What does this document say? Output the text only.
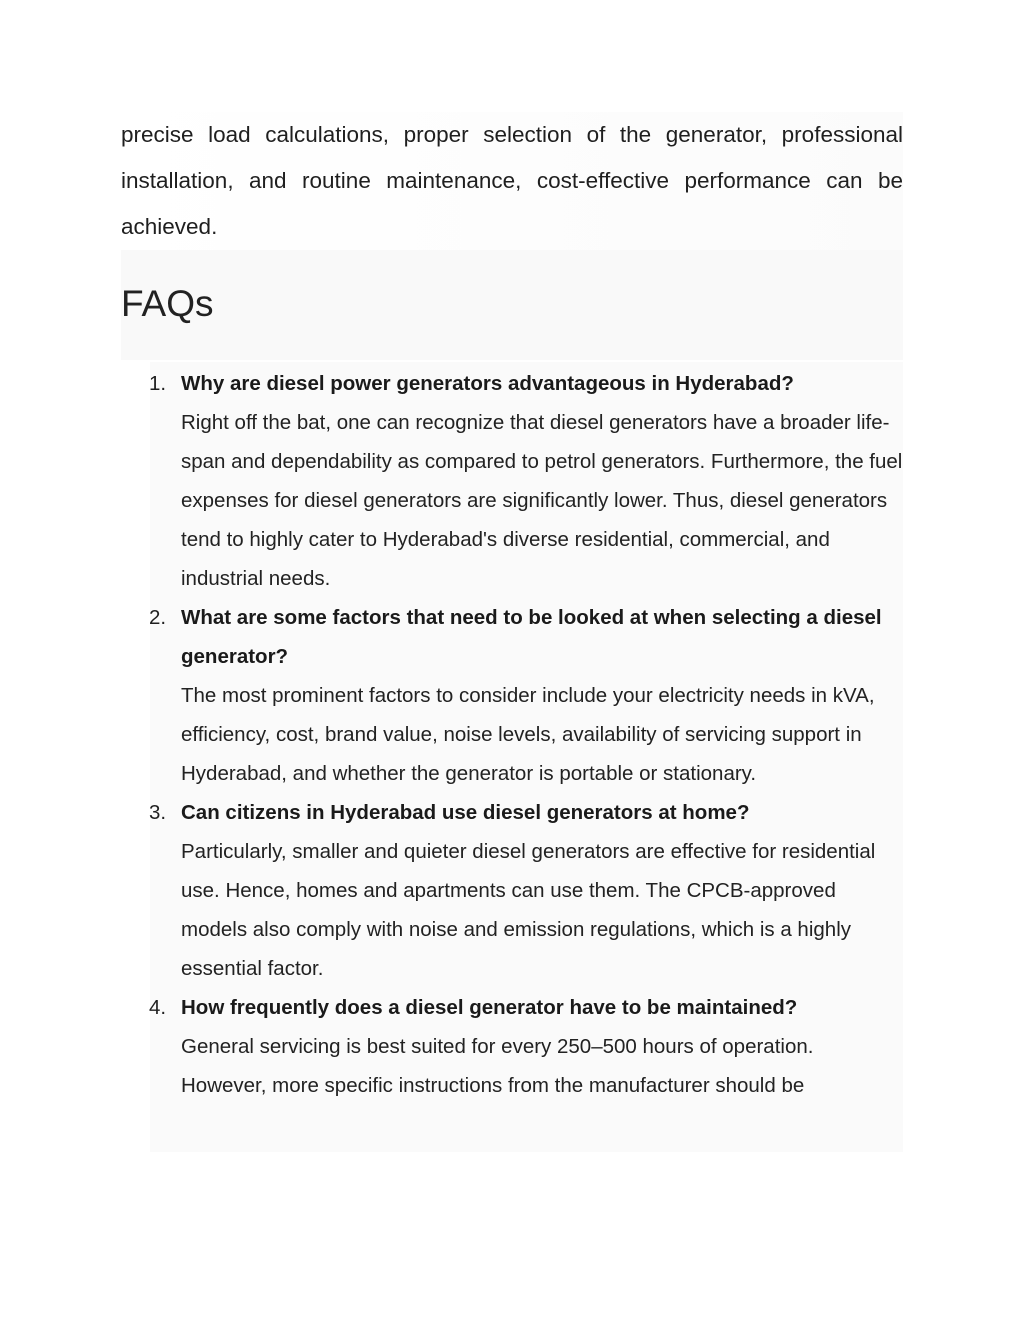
precise load calculations, proper selection of the generator, professional installation, and routine maintenance, cost-effective performance can be achieved.

FAQs
1. Why are diesel power generators advantageous in Hyderabad?
Right off the bat, one can recognize that diesel generators have a broader life-span and dependability as compared to petrol generators. Furthermore, the fuel expenses for diesel generators are significantly lower. Thus, diesel generators tend to highly cater to Hyderabad's diverse residential, commercial, and industrial needs.
2. What are some factors that need to be looked at when selecting a diesel generator?
The most prominent factors to consider include your electricity needs in kVA, efficiency, cost, brand value, noise levels, availability of servicing support in Hyderabad, and whether the generator is portable or stationary.
3. Can citizens in Hyderabad use diesel generators at home?
Particularly, smaller and quieter diesel generators are effective for residential use. Hence, homes and apartments can use them. The CPCB-approved models also comply with noise and emission regulations, which is a highly essential factor.
4. How frequently does a diesel generator have to be maintained?
General servicing is best suited for every 250–500 hours of operation. However, more specific instructions from the manufacturer should be
